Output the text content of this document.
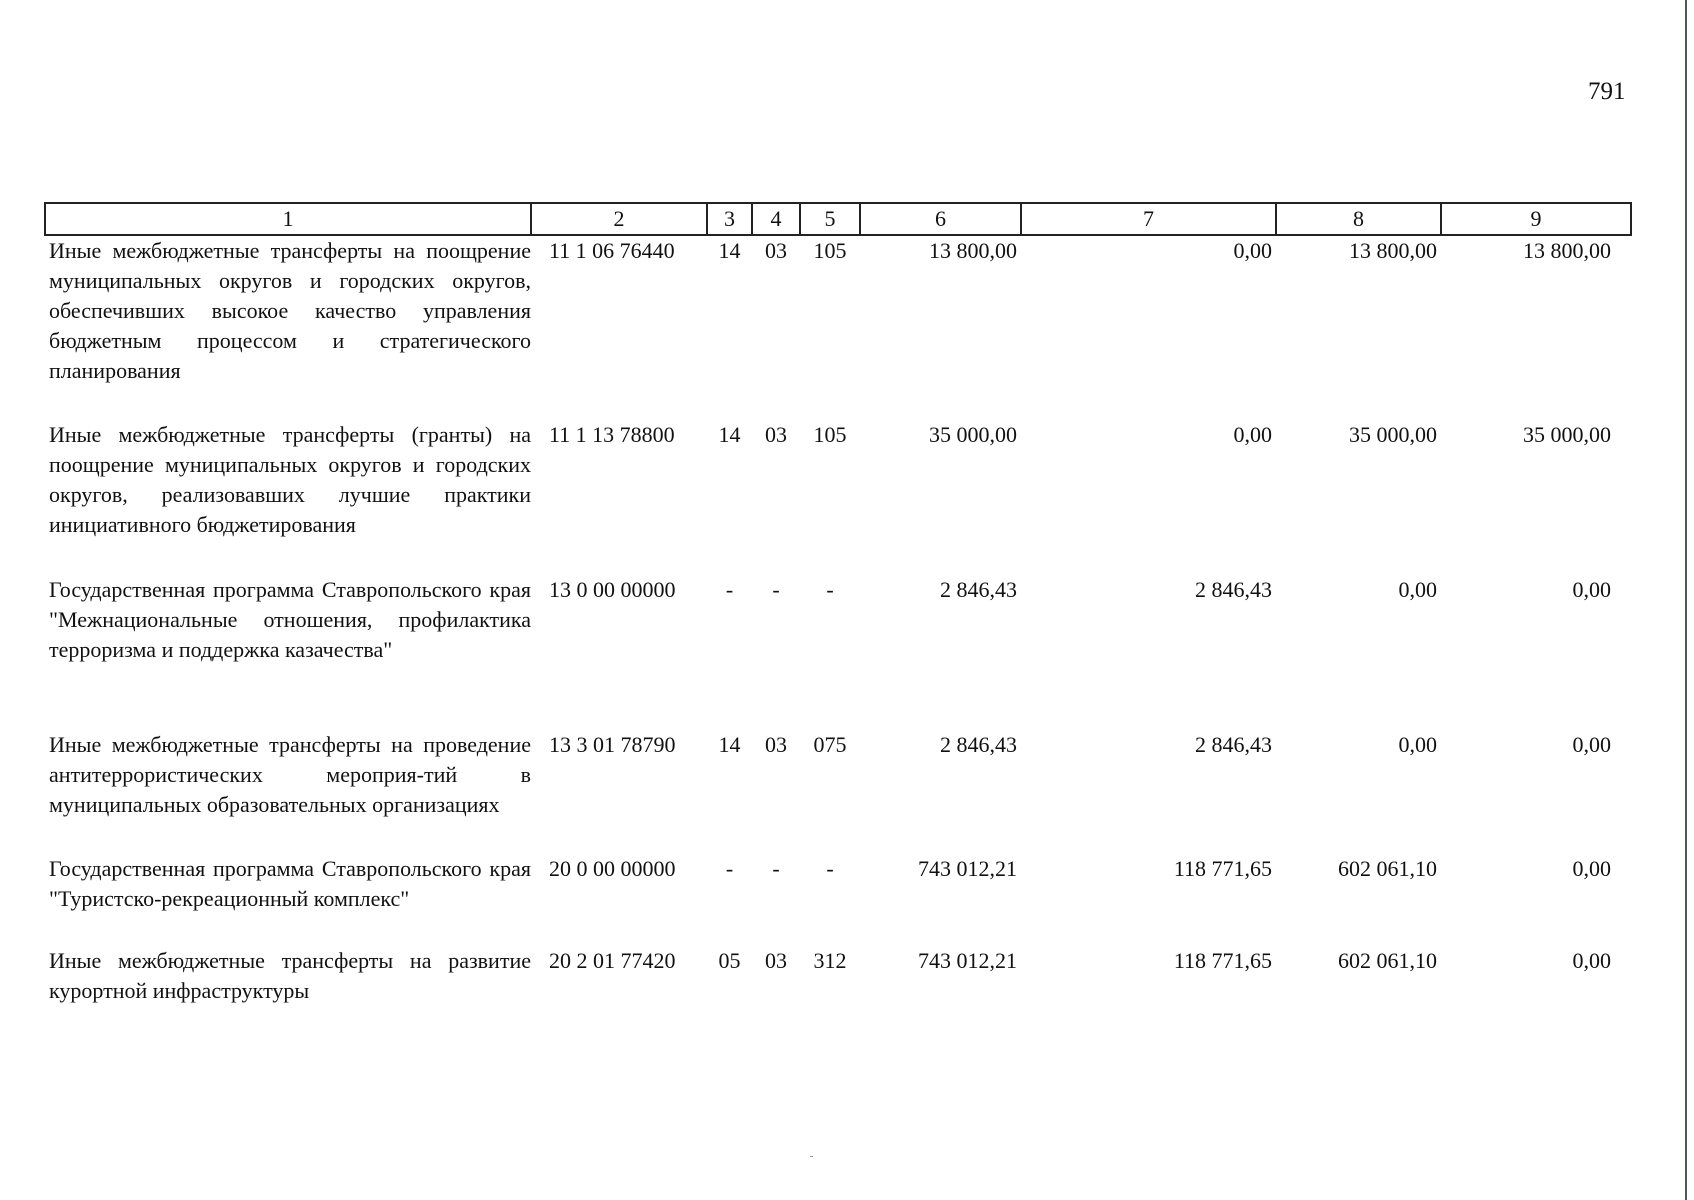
791
1	2	3	4	5	6	7	8	9
Иные межбюджетные трансферты на поощрение муниципальных округов и городских округов, обеспечивших высокое качество управления бюджетным процессом и стратегического планирования	11 1 06 76440	14	03	105	13 800,00	0,00	13 800,00	13 800,00
Иные межбюджетные трансферты (гранты) на поощрение муниципальных округов и городских округов, реализовавших лучшие практики инициативного бюджетирования	11 1 13 78800	14	03	105	35 000,00	0,00	35 000,00	35 000,00
Государственная программа Ставропольского края "Межнациональные отношения, профилактика терроризма и поддержка казачества"	13 0 00 00000	-	-	-	2 846,43	2 846,43	0,00	0,00
Иные межбюджетные трансферты на проведение антитеррористических мероприя-тий в муниципальных образовательных организациях	13 3 01 78790	14	03	075	2 846,43	2 846,43	0,00	0,00
Государственная программа Ставропольского края "Туристско-рекреационный комплекс"	20 0 00 00000	-	-	-	743 012,21	118 771,65	602 061,10	0,00
Иные межбюджетные трансферты на развитие курортной инфраструктуры	20 2 01 77420	05	03	312	743 012,21	118 771,65	602 061,10	0,00
